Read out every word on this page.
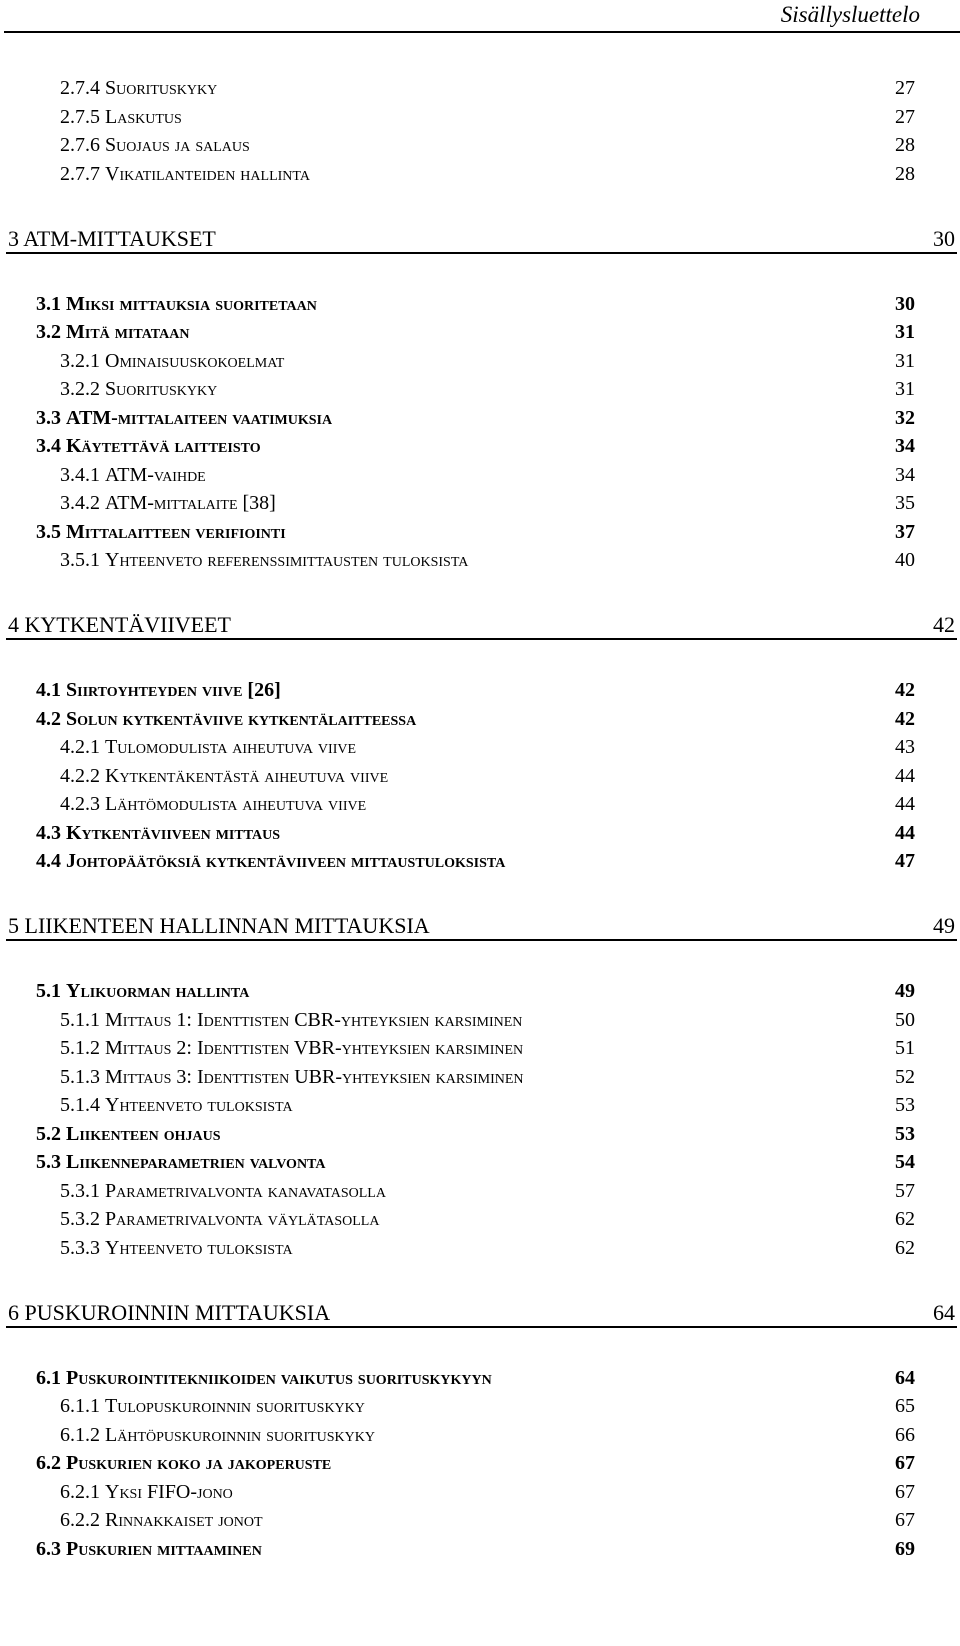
Sisällysluettelo
2.7.4 Suorituskyky	27
2.7.5 Laskutus	27
2.7.6 Suojaus ja salaus	28
2.7.7 Vikatilanteiden hallinta	28
3 ATM-MITTAUKSET	30
3.1 Miksi mittauksia suoritetaan	30
3.2 Mitä mitataan	31
3.2.1 Ominaisuuskokoelmat	31
3.2.2 Suorituskyky	31
3.3 ATM-mittalaiteen vaatimuksia	32
3.4 Käytettävä laitteisto	34
3.4.1 ATM-vaihde	34
3.4.2 ATM-mittalaite [38]	35
3.5 Mittalaitteen verifiointi	37
3.5.1 Yhteenveto referenssimittausten tuloksista	40
4 KYTKENTÄVIIVEET	42
4.1 Siirtoyhteyden viive [26]	42
4.2 Solun kytkentäviive kytkentälaitteessa	42
4.2.1 Tulomodulista aiheutuva viive	43
4.2.2 Kytkentäkentästä aiheutuva viive	44
4.2.3 Lähtömodulista aiheutuva viive	44
4.3 Kytkentäviiveen mittaus	44
4.4 Johtopäätöksiä kytkentäviiveen mittaustuloksista	47
5 LIIKENTEEN HALLINNAN MITTAUKSIA	49
5.1 Ylikuorman hallinta	49
5.1.1 Mittaus 1: Identtisten CBR-yhteyksien karsiminen	50
5.1.2 Mittaus 2: Identtisten VBR-yhteyksien karsiminen	51
5.1.3 Mittaus 3: Identtisten UBR-yhteyksien karsiminen	52
5.1.4 Yhteenveto tuloksista	53
5.2 Liikenteen ohjaus	53
5.3 Liikenneparametrien valvonta	54
5.3.1 Parametrivalvonta kanavatasolla	57
5.3.2 Parametrivalvonta väylätasolla	62
5.3.3 Yhteenveto tuloksista	62
6 PUSKUROINNIN MITTAUKSIA	64
6.1 Puskurointitekniikoiden vaikutus suorituskykyyn	64
6.1.1 Tulopuskuroinnin suorituskyky	65
6.1.2 Lähtöpuskuroinnin suorituskyky	66
6.2 Puskurien koko ja jakoperuste	67
6.2.1 Yksi FIFO-jono	67
6.2.2 Rinnakkaiset jonot	67
6.3 Puskurien mittaaminen	69
